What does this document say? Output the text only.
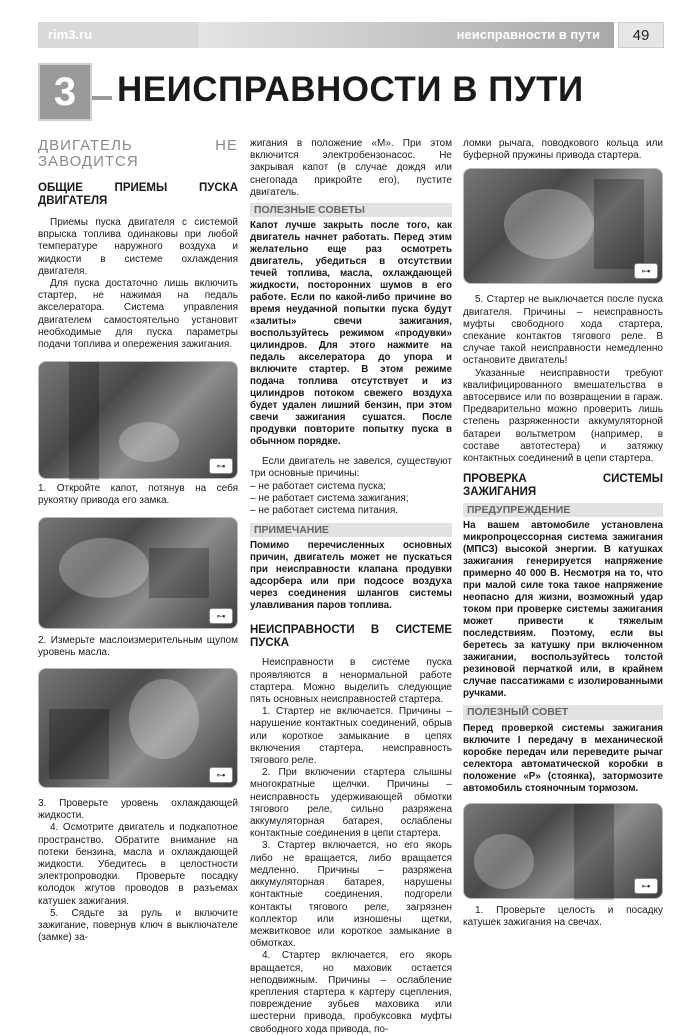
rim3.ru	неисправности в пути	49
3	НЕИСПРАВНОСТИ В ПУТИ
ДВИГАТЕЛЬ НЕ ЗАВОДИТСЯ
ОБЩИЕ ПРИЕМЫ ПУСКА ДВИГАТЕЛЯ

Приемы пуска двигателя с системой впрыска топлива одинаковы при любой температуре наружного воздуха и жидкости в системе охлаждения двигателя.

Для пуска достаточно лишь включить стартер, не нажимая на педаль акселератора. Система управления двигателем самостоятельно установит необходимые для пуска параметры подачи топлива и опережения зажигания.

⊶

1. Откройте капот, потянув на себя рукоятку привода его замка.

⊶

2. Измерьте маслоизмерительным щупом уровень масла.

⊶

3. Проверьте уровень охлаждающей жидкости.

4. Осмотрите двигатель и подкапотное пространство. Обратите внимание на потеки бензина, масла и охлаждающей жидкости. Убедитесь в целостности электропроводки. Проверьте посадку колодок жгутов проводов в разъемах катушек зажигания.

5. Сядьте за руль и включите зажигание, повернув ключ в выключателе (замке) за-

жигания в положение «M». При этом включится электробензонасос. Не закрывая капот (в случае дождя или снегопада прикройте его), пустите двигатель.

ПОЛЕЗНЫЕ СОВЕТЫ

Капот лучше закрыть после того, как двигатель начнет работать. Перед этим желательно еще раз осмотреть двигатель, убедиться в отсутствии течей топлива, масла, охлаждающей жидкости, посторонних шумов в его работе. Если по какой-либо причине во время неудачной попытки пуска будут «залиты» свечи зажигания, воспользуйтесь режимом «продувки» цилиндров. Для этого нажмите на педаль акселератора до упора и включите стартер. В этом режиме подача топлива отсутствует и из цилиндров потоком свежего воздуха будет удален лишний бензин, при этом свечи зажигания сушатся. После продувки повторите попытку пуска в обычном порядке.

Если двигатель не завелся, существуют три основные причины:

– не работает система пуска;

– не работает система зажигания;

– не работает система питания.

ПРИМЕЧАНИЕ

Помимо перечисленных основных причин, двигатель может не пускаться при неисправности клапана продувки адсорбера или при подсосе воздуха через соединения шлангов системы улавливания паров топлива.

НЕИСПРАВНОСТИ В СИСТЕМЕ ПУСКА

Неисправности в системе пуска проявляются в ненормальной работе стартера. Можно выделить следующие пять основных неисправностей стартера.

1. Стартер не включается. Причины – нарушение контактных соединений, обрыв или короткое замыкание в цепях включения стартера, неисправность тягового реле.

2. При включении стартера слышны многократные щелчки. Причины – неисправность удерживающей обмотки тягового реле, сильно разряжена аккумуляторная батарея, ослаблены контактные соединения в цепи стартера.

3. Стартер включается, но его якорь либо не вращается, либо вращается медленно. Причины – разряжена аккумуляторная батарея, нарушены контактные соединения, подгорели контакты тягового реле, загрязнен коллектор или изношены щетки, межвитковое или короткое замыкание в обмотках.

4. Стартер включается, его якорь вращается, но маховик остается неподвижным. Причины – ослабление крепления стартера к картеру сцепления, повреждение зубьев маховика или шестерни привода, пробуксовка муфты свободного хода привода, по-

ломки рычага, поводкового кольца или буферной пружины привода стартера.

⊶

5. Стартер не выключается после пуска двигателя. Причины – неисправность муфты свободного хода стартера, спекание контактов тягового реле. В случае такой неисправности немедленно остановите двигатель!

Указанные неисправности требуют квалифицированного вмешательства в автосервисе или по возвращении в гараж. Предварительно можно проверить лишь степень разряженности аккумуляторной батареи вольтметром (например, в составе автотестера) и затяжку контактных соединений в цепи стартера.

ПРОВЕРКА СИСТЕМЫ ЗАЖИГАНИЯ
ПРЕДУПРЕЖДЕНИЕ

На вашем автомобиле установлена микропроцессорная система зажигания (МПСЗ) высокой энергии. В катушках зажигания генерируется напряжение примерно 40 000 В. Несмотря на то, что при малой силе тока такое напряжение неопасно для жизни, возможный удар током при проверке системы зажигания может привести к тяжелым последствиям. Поэтому, если вы беретесь за катушку при включенном зажигании, воспользуйтесь толстой резиновой перчаткой или, в крайнем случае пассатижами с изолированными ручками.

ПОЛЕЗНЫЙ СОВЕТ

Перед проверкой системы зажигания включите I передачу в механической коробке передач или переведите рычаг селектора автоматической коробки в положение «Р» (стоянка), затормозите автомобиль стояночным тормозом.

⊶

1. Проверьте целость и посадку катушек зажигания на свечах.
